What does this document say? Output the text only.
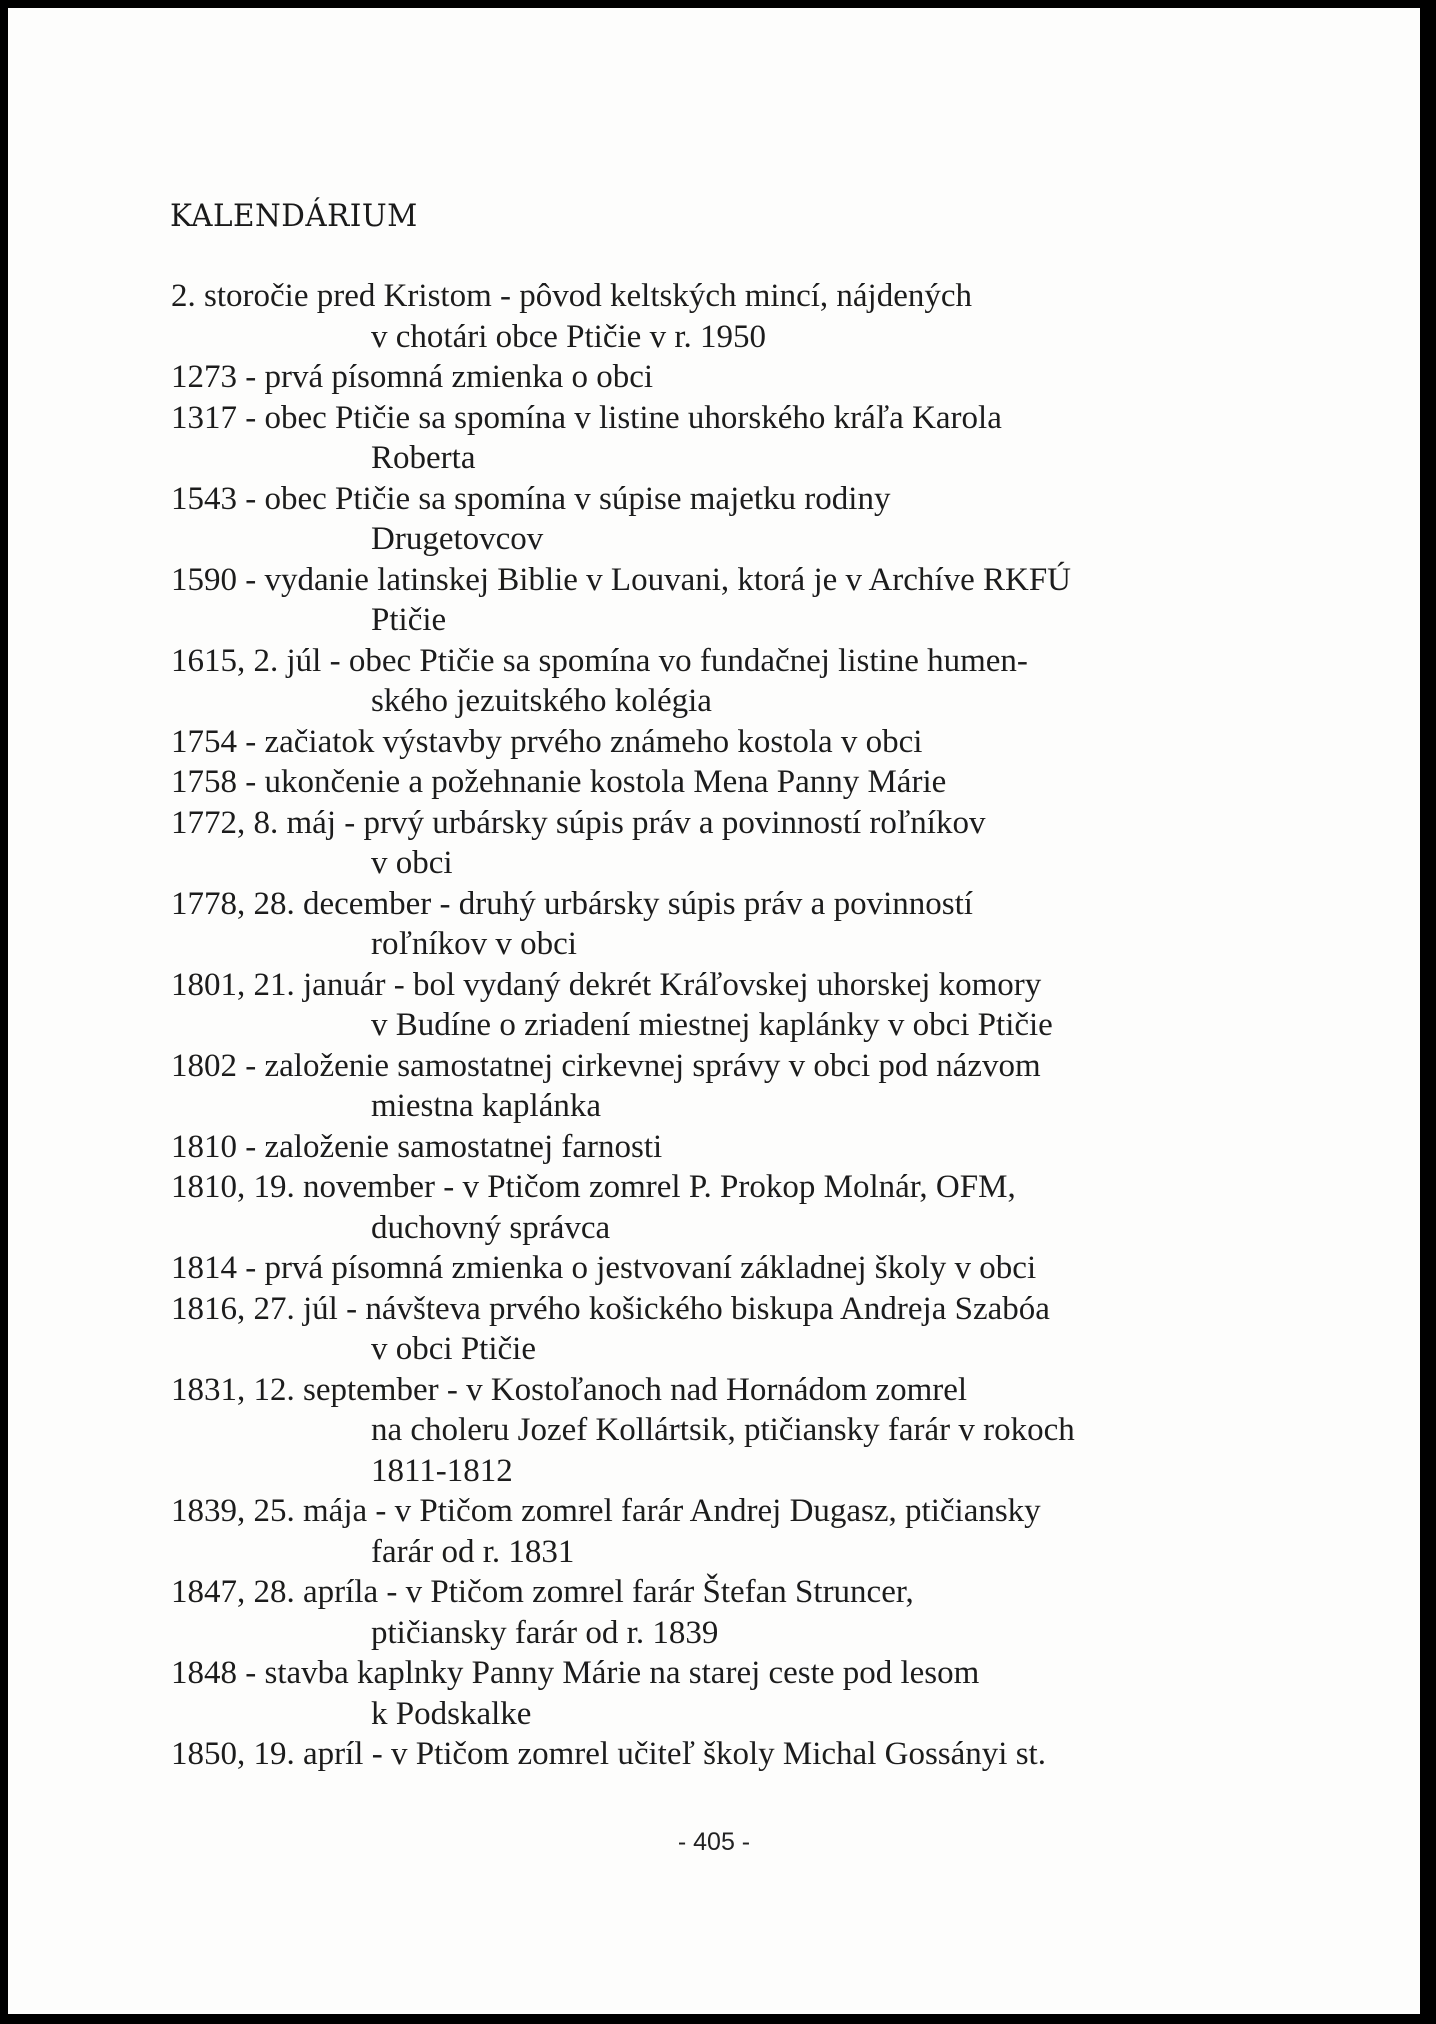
KALENDÁRIUM
2. storočie pred Kristom - pôvod keltských mincí, nájdených
v chotári obce Ptičie v r. 1950
1273 - prvá písomná zmienka o obci
1317 - obec Ptičie sa spomína v listine uhorského kráľa Karola
Roberta
1543 - obec Ptičie sa spomína v súpise majetku rodiny
Drugetovcov
1590 - vydanie latinskej Biblie v Louvani, ktorá je v Archíve RKFÚ
Ptičie
1615, 2. júl - obec Ptičie sa spomína vo fundačnej listine humen-
ského jezuitského kolégia
1754 - začiatok výstavby prvého známeho kostola v obci
1758 - ukončenie a požehnanie kostola Mena Panny Márie
1772, 8. máj - prvý urbársky súpis práv a povinností roľníkov
v obci
1778, 28. december - druhý urbársky súpis práv a povinností
roľníkov v obci
1801, 21. január - bol vydaný dekrét Kráľovskej uhorskej komory
v Budíne o zriadení miestnej kaplánky v obci Ptičie
1802 - založenie samostatnej cirkevnej správy v obci pod názvom
miestna kaplánka
1810 - založenie samostatnej farnosti
1810, 19. november - v Ptičom zomrel P. Prokop Molnár, OFM,
duchovný správca
1814 - prvá písomná zmienka o jestvovaní základnej školy v obci
1816, 27. júl - návšteva prvého košického biskupa Andreja Szabóa
v obci Ptičie
1831, 12. september - v Kostoľanoch nad Hornádom zomrel
na choleru Jozef Kollártsik, ptičiansky farár v rokoch
1811-1812
1839, 25. mája - v Ptičom zomrel farár Andrej Dugasz, ptičiansky
farár od r. 1831
1847, 28. apríla - v Ptičom zomrel farár Štefan Struncer,
ptičiansky farár od r. 1839
1848 - stavba kaplnky Panny Márie na starej ceste pod lesom
k Podskalke
1850, 19. apríl - v Ptičom zomrel učiteľ školy Michal Gossányi st.
- 405 -
